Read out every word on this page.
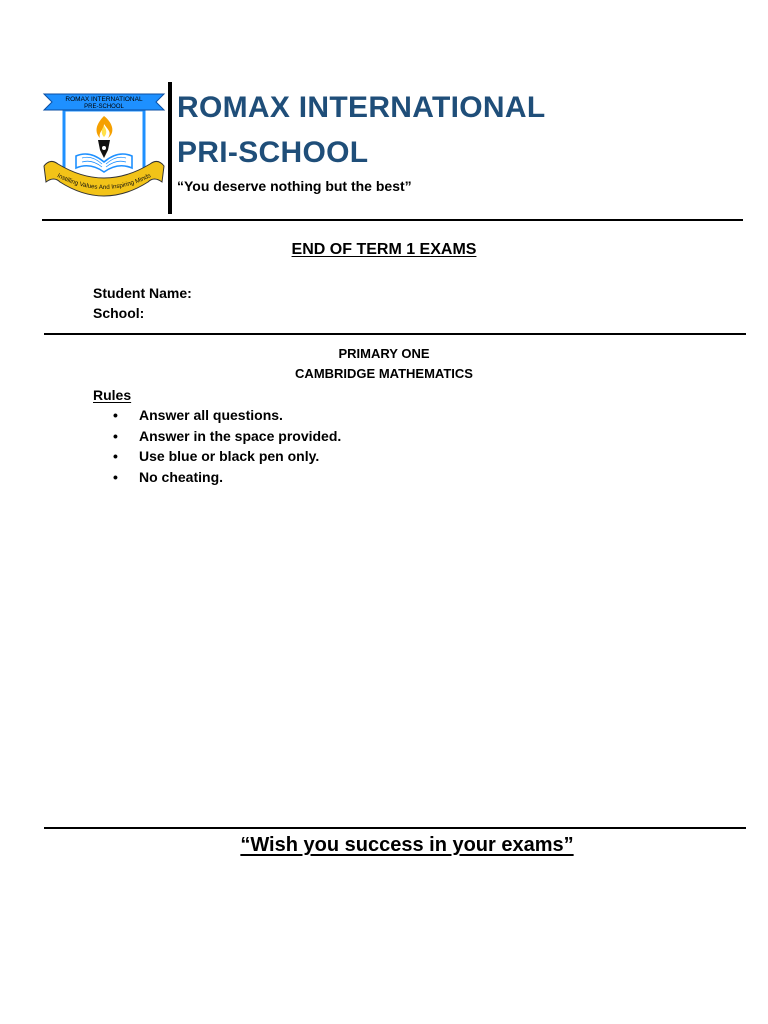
ROMAX INTERNATIONAL
PRE-SCHOOL
Instilling Values And Inspiring Minds
ROMAX INTERNATIONAL
PRI-SCHOOL
“You deserve nothing but the best”
END OF TERM 1 EXAMS
Student Name:
School:
PRIMARY ONE
CAMBRIDGE MATHEMATICS
Rules
• Answer all questions.
• Answer in the space provided.
• Use blue or black pen only.
• No cheating.
“Wish you success in your exams”
